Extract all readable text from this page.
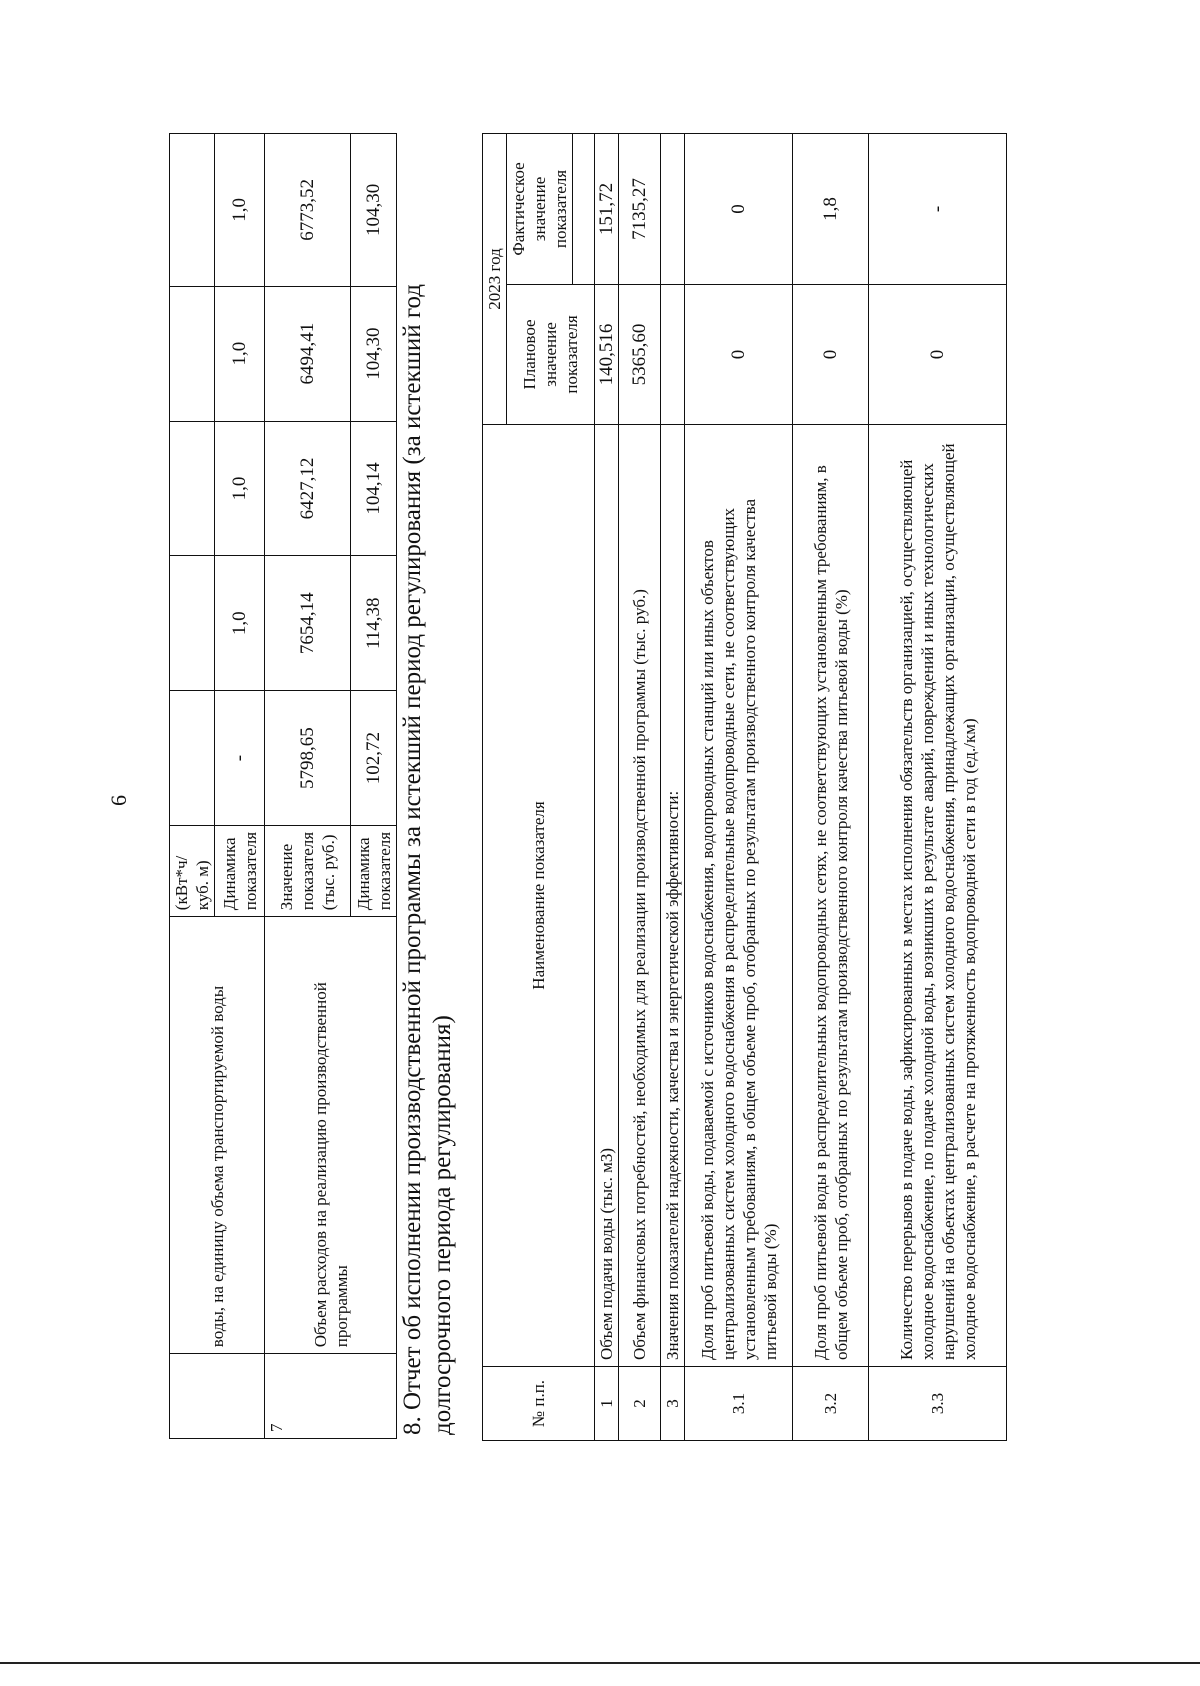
6
	воды, на единицу объема транспортируемой воды	(кВт*ч/куб. м)					
		Динамика показателя	-	1,0	1,0	1,0	1,0
7	Объем расходов на реализацию производственной программы	Значение показателя (тыс. руб.)	5798,65	7654,14	6427,12	6494,41	6773,52
		Динамика показателя	102,72	114,38	104,14	104,30	104,30
8. Отчет об исполнении производственной программы за истекший период регулирования (за истекший год долгосрочного периода регулирования)	№ п.п.	Наименование показателя	2023 год	
		Плановое значение показателя	Фактическое значение показателя

1	Объем подачи воды (тыс. м3)	140,516	151,72
2	Объем финансовых потребностей, необходимых для реализации производственной программы (тыс. руб.)	5365,60	7135,27
3	Значения показателей надежности, качества и энергетической эффективности:		
3.1	Доля проб питьевой воды, подаваемой с источников водоснабжения, водопроводных станций или иных объектов централизованных систем холодного водоснабжения в распределительные водопроводные сети, не соответствующих установленным требованиям, в общем объеме проб, отобранных по результатам производственного контроля качества питьевой воды (%)	0	0
3.2	Доля проб питьевой воды в распределительных водопроводных сетях, не соответствующих установленным требованиям, в общем объеме проб, отобранных по результатам производственного контроля качества питьевой воды (%)	0	1,8
3.3	Количество перерывов в подаче воды, зафиксированных в местах исполнения обязательств организацией, осуществляющей холодное водоснабжение, по подаче холодной воды, возникших в результате аварий, повреждений и иных технологических нарушений на объектах централизованных систем холодного водоснабжения, принадлежащих организации, осуществляющей холодное водоснабжение, в расчете на протяженность водопроводной сети в год (ед./км)	0	-
